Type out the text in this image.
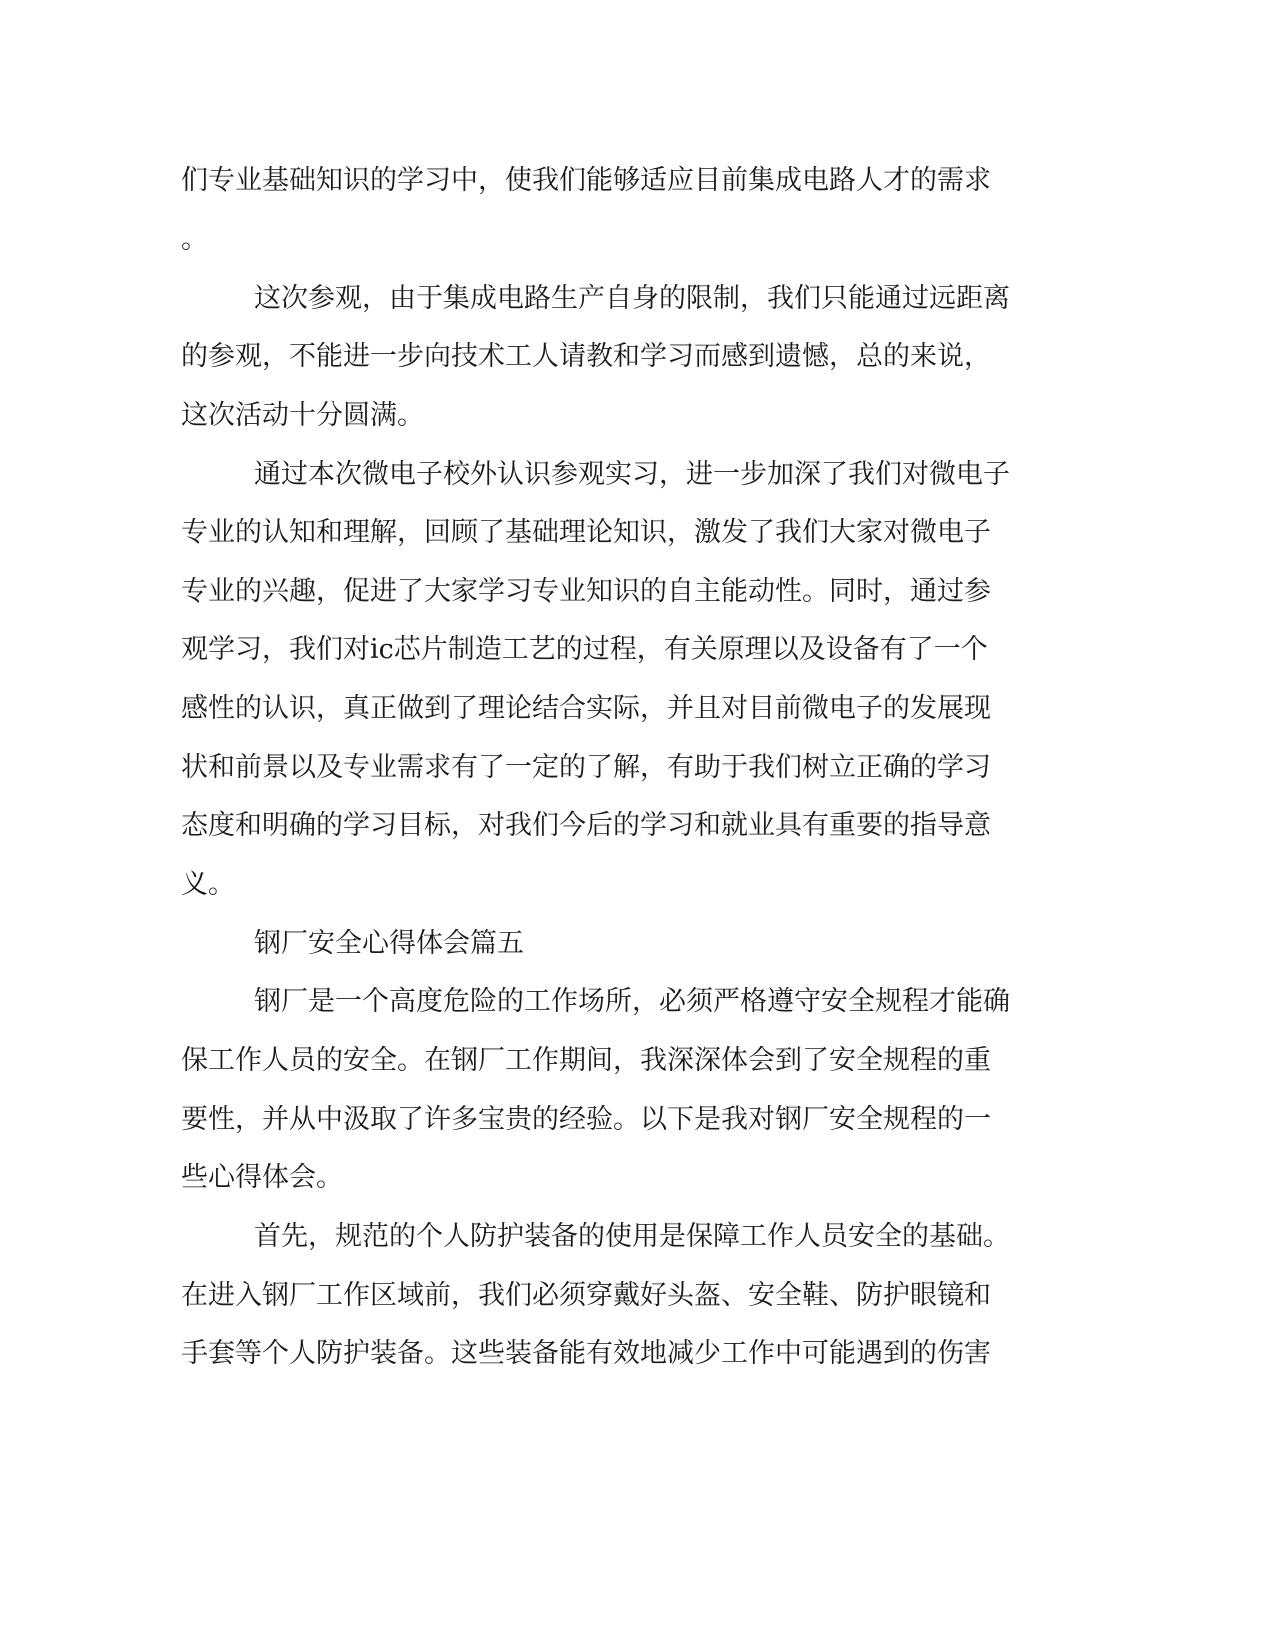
们专业基础知识的学习中，使我们能够适应目前集成电路人才的需求

。

这次参观，由于集成电路生产自身的限制，我们只能通过远距离

的参观，不能进一步向技术工人请教和学习而感到遗憾，总的来说，

这次活动十分圆满。

通过本次微电子校外认识参观实习，进一步加深了我们对微电子

专业的认知和理解，回顾了基础理论知识，激发了我们大家对微电子

专业的兴趣，促进了大家学习专业知识的自主能动性。同时，通过参

观学习，我们对ic芯片制造工艺的过程，有关原理以及设备有了一个

感性的认识，真正做到了理论结合实际，并且对目前微电子的发展现

状和前景以及专业需求有了一定的了解，有助于我们树立正确的学习

态度和明确的学习目标，对我们今后的学习和就业具有重要的指导意

义。

钢厂安全心得体会篇五

钢厂是一个高度危险的工作场所，必须严格遵守安全规程才能确

保工作人员的安全。在钢厂工作期间，我深深体会到了安全规程的重

要性，并从中汲取了许多宝贵的经验。以下是我对钢厂安全规程的一

些心得体会。

首先，规范的个人防护装备的使用是保障工作人员安全的基础。

在进入钢厂工作区域前，我们必须穿戴好头盔、安全鞋、防护眼镜和

手套等个人防护装备。这些装备能有效地减少工作中可能遇到的伤害
